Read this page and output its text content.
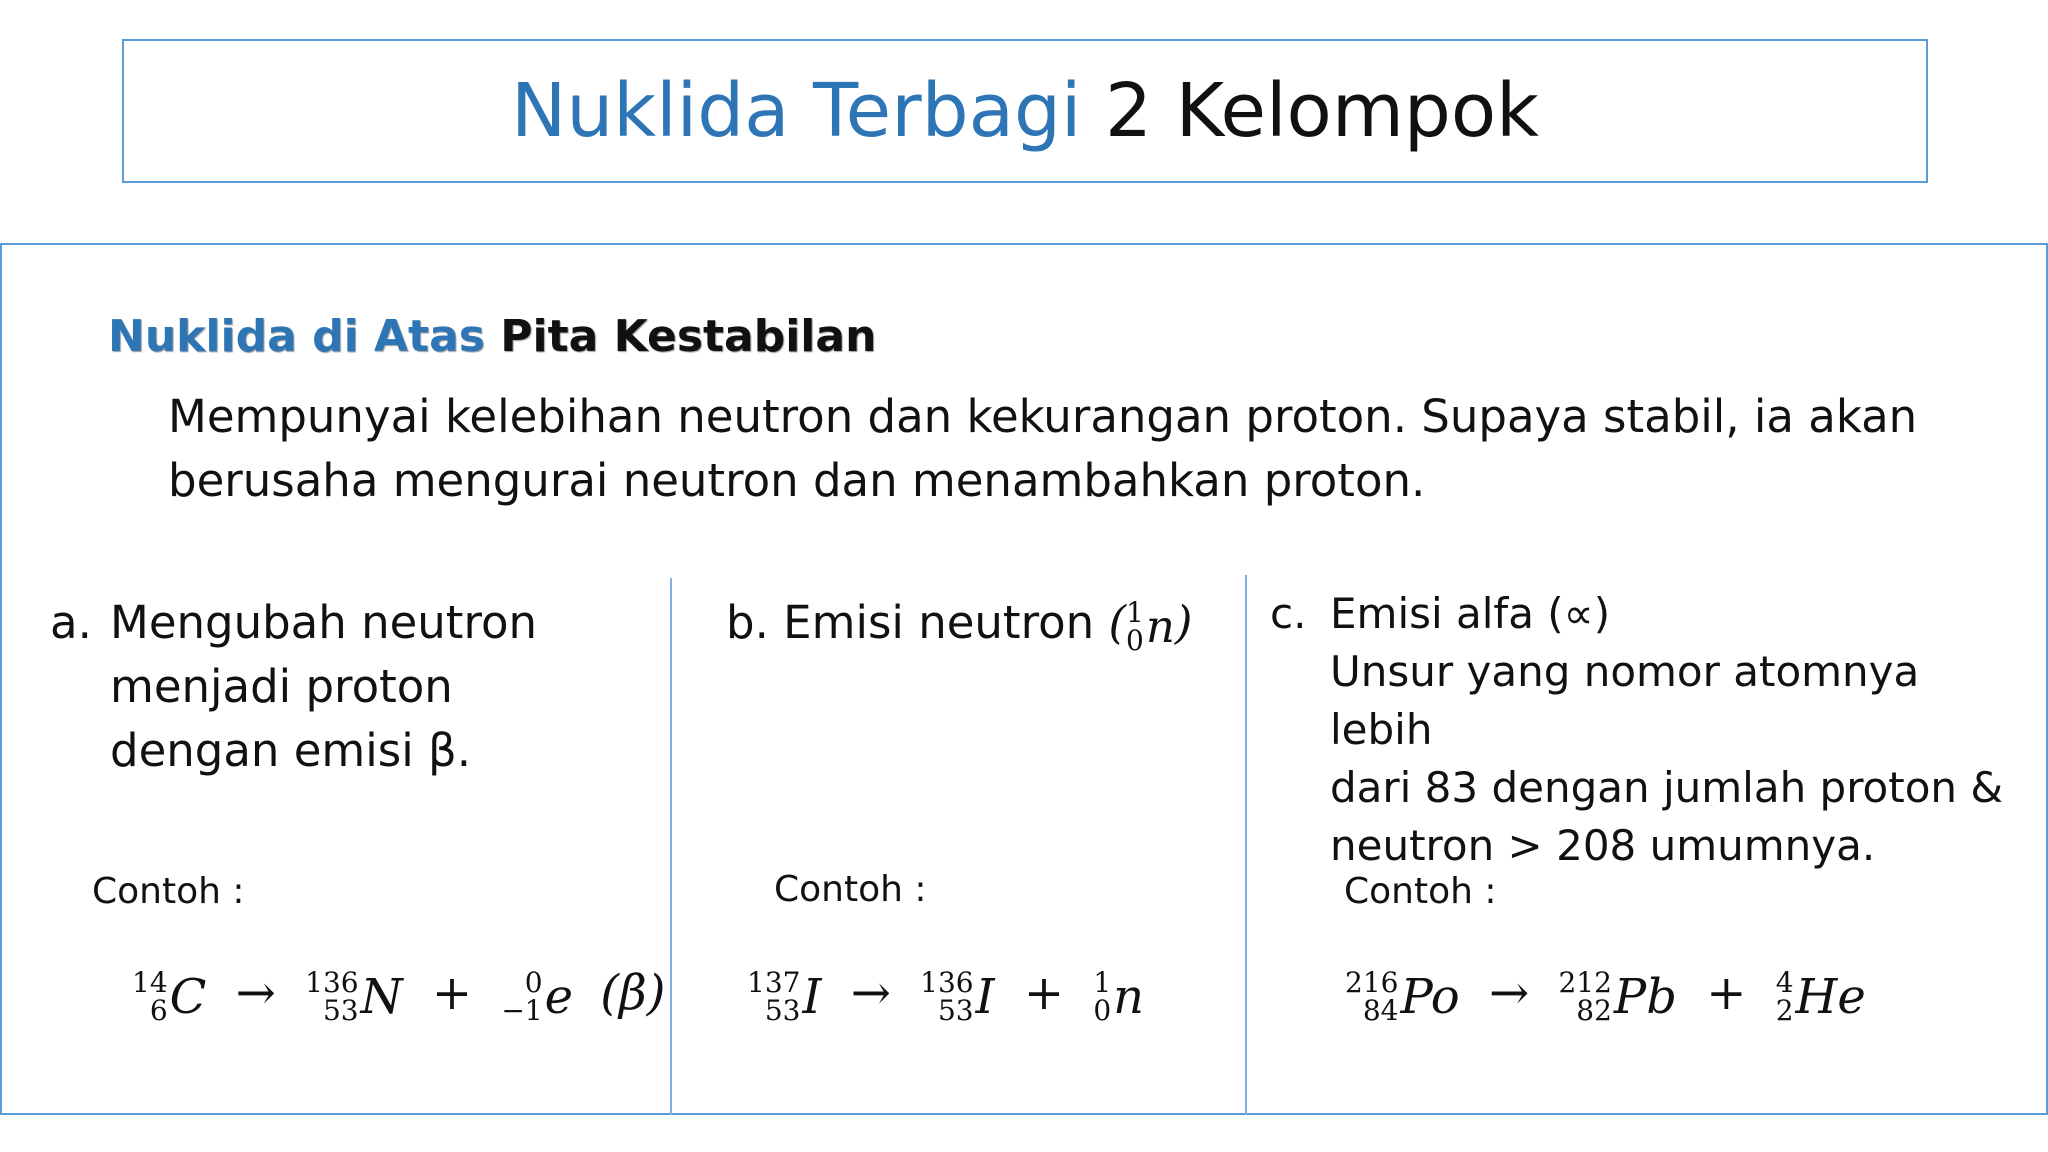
Nuklida Terbagi 2 Kelompok
Nuklida di Atas Pita Kestabilan
Mempunyai kelebihan neutron dan kekurangan proton. Supaya stabil, ia akan berusaha mengurai neutron dan menambahkan proton.
a. Mengubah neutron
menjadi proton
dengan emisi β.
Contoh :
14
6 C → 136
53 N + 0
−1 e (β)
b. Emisi neutron ( 1
0 n )
Contoh :
137
53 I → 136
53 I + 1
0 n
c. Emisi alfa (∝)
Unsur yang nomor atomnya lebih
dari 83 dengan jumlah proton &
neutron > 208 umumnya.
Contoh :
216
84 Po → 212
82 Pb + 4
2 He
